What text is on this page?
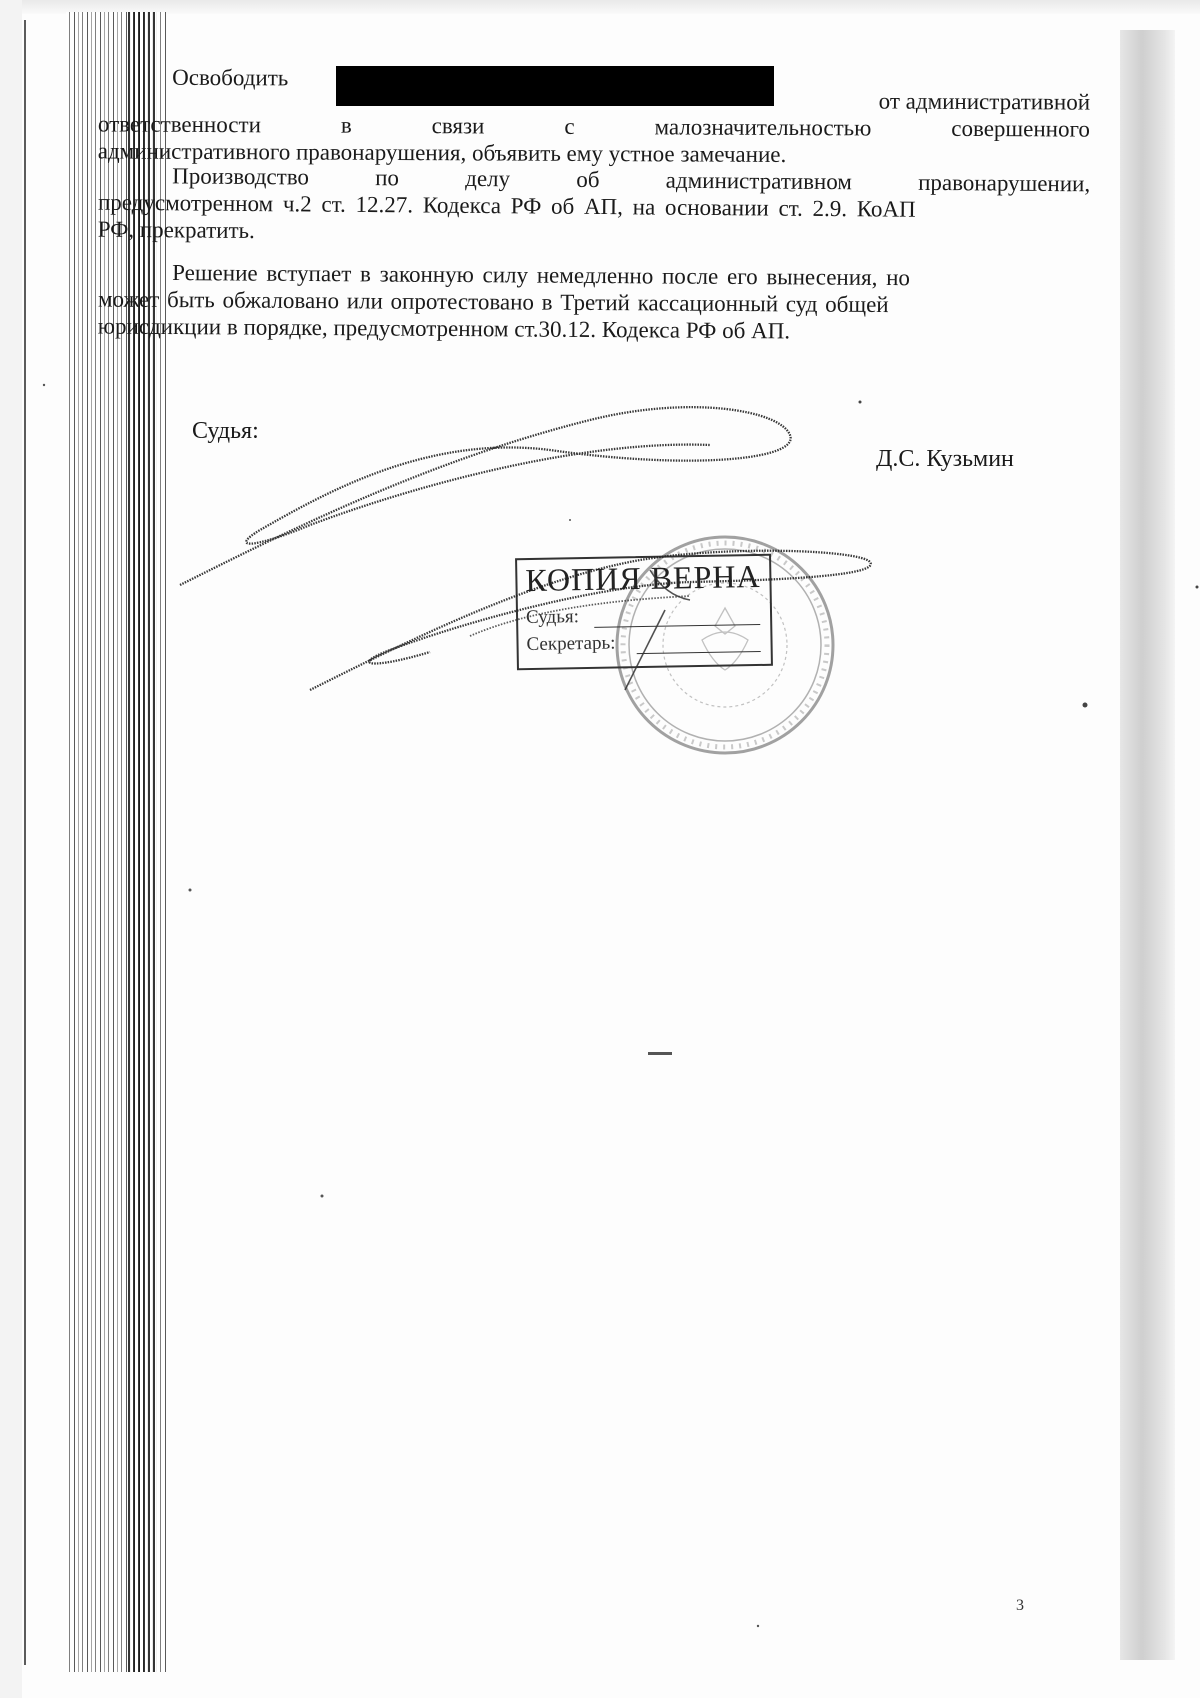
Освободить
от административной
ответственности	в	связи	с	малозначительностью	совершенного
административного правонарушения, объявить ему устное замечание.
Производство	по	делу	об	административном	правонарушении,
предусмотренном ч.2 ст. 12.27. Кодекса РФ об АП, на основании ст. 2.9. КоАП
РФ, прекратить.
Решение вступает в законную силу немедленно после его вынесения, но
может быть обжаловано или опротестовано в Третий кассационный суд общей
юрисдикции в порядке, предусмотренном ст.30.12. Кодекса РФ об АП.
Судья:
Д.С. Кузьмин
КОПИЯ ВЕРНА
Судья:
Секретарь:
3
